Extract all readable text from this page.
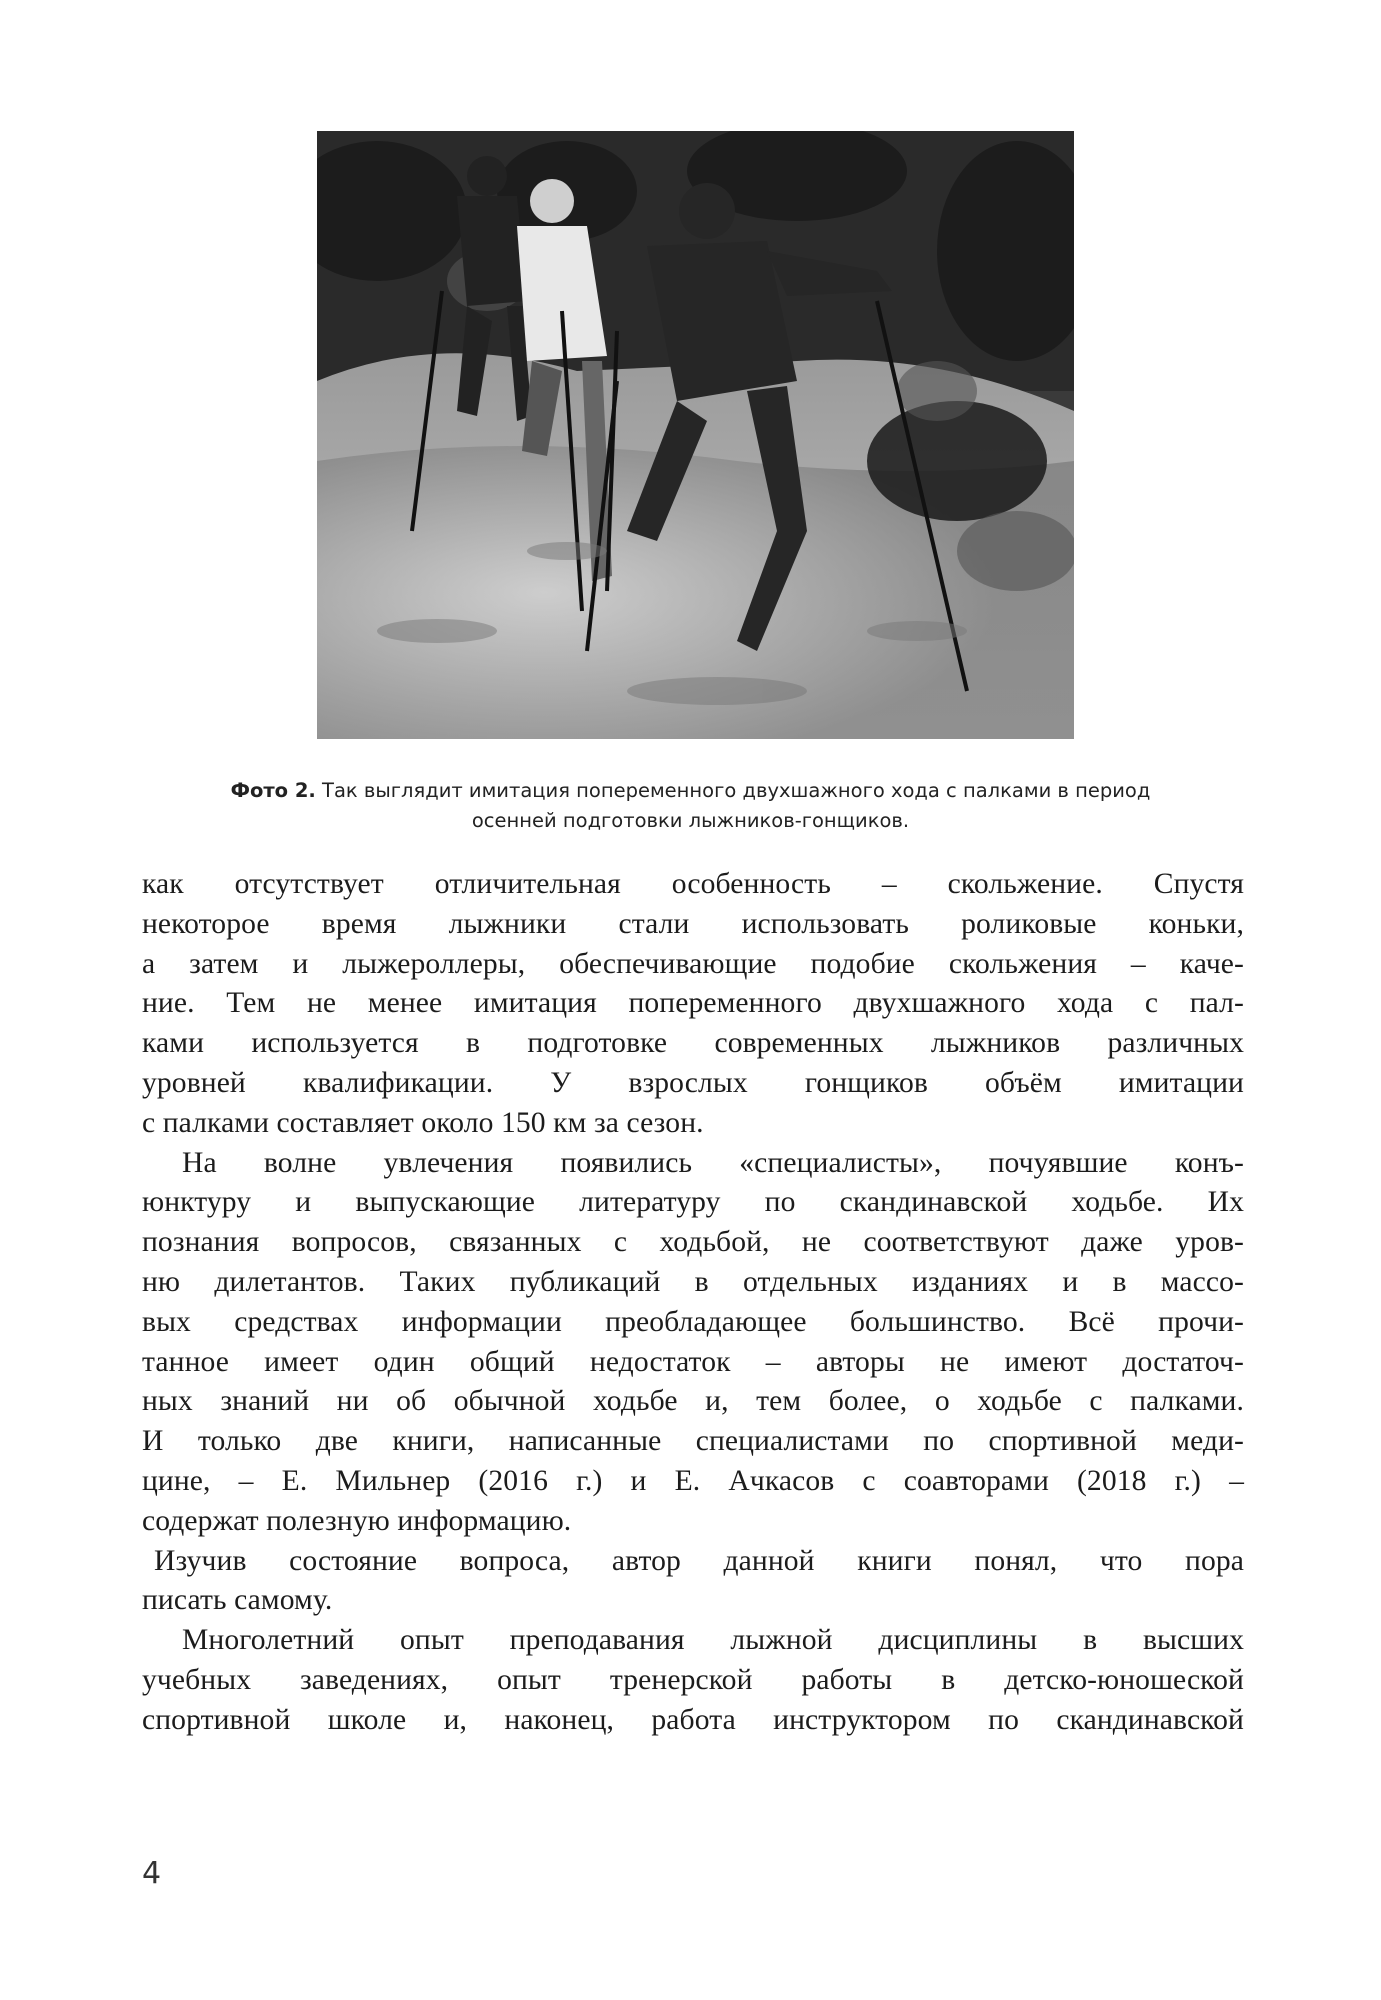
Фото 2. Так выглядит имитация попеременного двухшажного хода с палками в период
осенней подготовки лыжников-гонщиков.

как отсутствует отличительная особенность – скольжение. Спустя

некоторое время лыжники стали использовать роликовые коньки,

а затем и лыжероллеры, обеспечивающие подобие скольжения – каче-

ние. Тем не менее имитация попеременного двухшажного хода с пал-

ками используется в подготовке современных лыжников различных

уровней квалификации. У взрослых гонщиков объём имитации

с палками составляет около 150 км за сезон.

На волне увлечения появились «специалисты», почуявшие конъ-

юнктуру и выпускающие литературу по скандинавской ходьбе. Их

познания вопросов, связанных с ходьбой, не соответствуют даже уров-

ню дилетантов. Таких публикаций в отдельных изданиях и в массо-

вых средствах информации преобладающее большинство. Всё прочи-

танное имеет один общий недостаток – авторы не имеют достаточ-

ных знаний ни об обычной ходьбе и, тем более, о ходьбе с палками.

И только две книги, написанные специалистами по спортивной меди-

цине, – Е. Мильнер (2016 г.) и Е. Ачкасов с соавторами (2018 г.) –

содержат полезную информацию.

Изучив состояние вопроса, автор данной книги понял, что пора

писать самому.

Многолетний опыт преподавания лыжной дисциплины в высших

учебных заведениях, опыт тренерской работы в детско-юношеской

спортивной школе и, наконец, работа инструктором по скандинавской

4
